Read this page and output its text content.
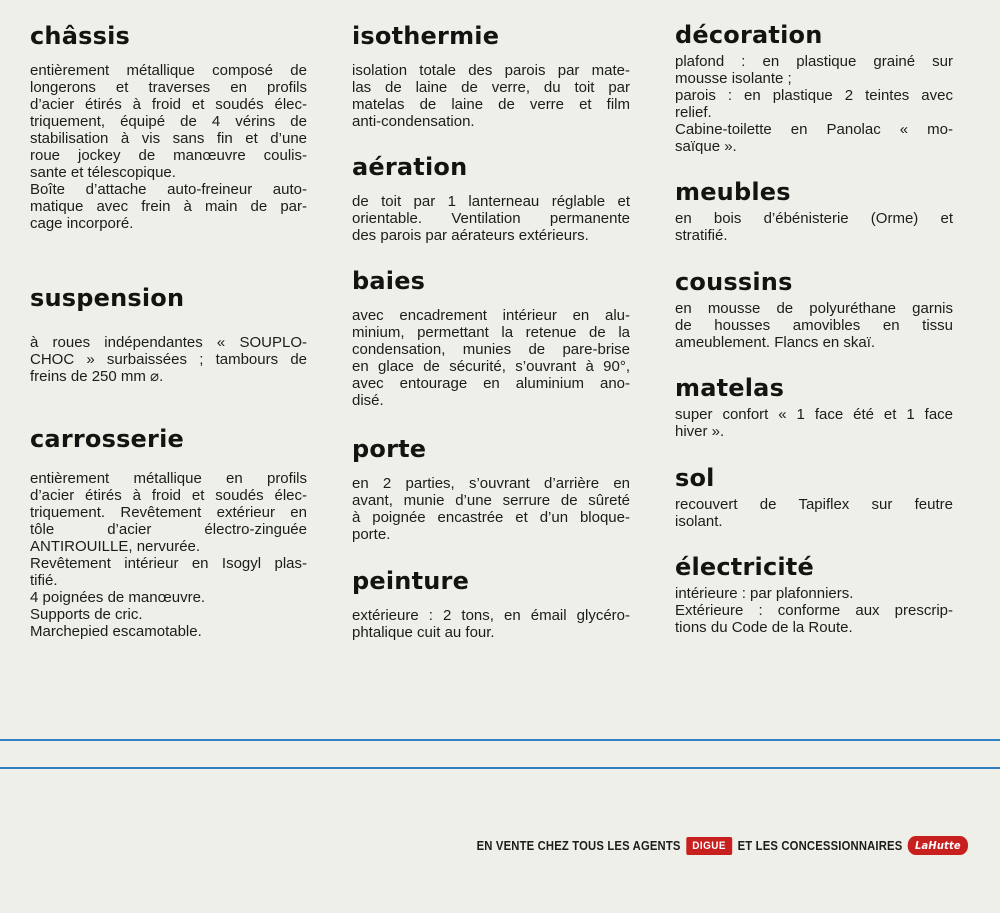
châssis

entièrement métallique composé de
longerons et traverses en profils
d’acier étirés à froid et soudés élec-
triquement, équipé de 4 vérins de
stabilisation à vis sans fin et d’une
roue jockey de manœuvre coulis-
sante et télescopique.
Boîte d’attache auto-freineur auto-
matique avec frein à main de par-
cage incorporé.

suspension

à roues indépendantes « SOUPLO-
CHOC » surbaissées ; tambours de
freins de 250 mm ⌀.

carrosserie

entièrement métallique en profils
d’acier étirés à froid et soudés élec-
triquement. Revêtement extérieur en
tôle d’acier électro-zinguée
ANTIROUILLE, nervurée.
Revêtement intérieur en Isogyl plas-
tifié.
4 poignées de manœuvre.
Supports de cric.
Marchepied escamotable.

isothermie

isolation totale des parois par mate-
las de laine de verre, du toit par
matelas de laine de verre et film
anti-condensation.

aération

de toit par 1 lanterneau réglable et
orientable. Ventilation permanente
des parois par aérateurs extérieurs.

baies

avec encadrement intérieur en alu-
minium, permettant la retenue de la
condensation, munies de pare-brise
en glace de sécurité, s’ouvrant à 90°,
avec entourage en aluminium ano-
disé.

porte

en 2 parties, s’ouvrant d’arrière en
avant, munie d’une serrure de sûreté
à poignée encastrée et d’un bloque-
porte.

peinture

extérieure : 2 tons, en émail glycéro-
phtalique cuit au four.

décoration

plafond : en plastique grainé sur
mousse isolante ;
parois : en plastique 2 teintes avec
relief.
Cabine-toilette en Panolac « mo-
saïque ».

meubles

en bois d’ébénisterie (Orme) et
stratifié.

coussins

en mousse de polyuréthane garnis
de housses amovibles en tissu
ameublement. Flancs en skaï.

matelas

super confort « 1 face été et 1 face
hiver ».

sol

recouvert de Tapiflex sur feutre
isolant.

électricité

intérieure : par plafonniers.
Extérieure : conforme aux prescrip-
tions du Code de la Route.

EN VENTE CHEZ TOUS LES AGENTS	DIGUE ET LES CONCESSIONNAIRES	LaHutte
